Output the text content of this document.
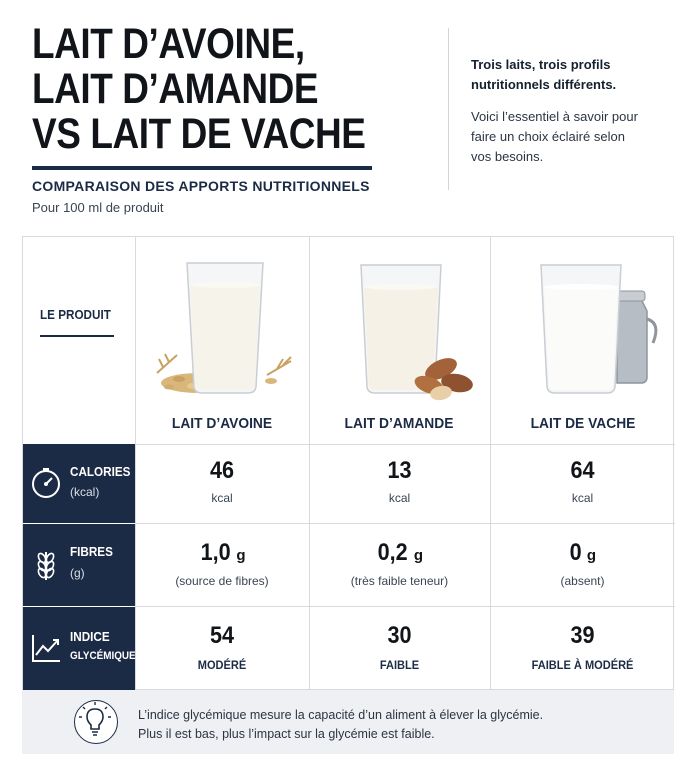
LAIT D’AVOINE,
LAIT D’AMANDE
VS LAIT DE VACHE
COMPARAISON DES APPORTS NUTRITIONNELS
Pour 100 ml de produit
Trois laits, trois profils
nutritionnels différents.
Voici l’essentiel à savoir pour
faire un choix éclairé selon
vos besoins.
LE PRODUIT
LAIT D’AVOINE	LAIT D’AMANDE	LAIT DE VACHE
CALORIES
(kcal)
46
kcal
13
kcal
64
kcal
FIBRES
(g)
1,0 g
(source de fibres)
0,2 g
(très faible teneur)
0 g
(absent)
INDICE
GLYCÉMIQUE
54
MODÉRÉ
30
FAIBLE
39
FAIBLE À MODÉRÉ
L’indice glycémique mesure la capacité d’un aliment à élever la glycémie.
Plus il est bas, plus l’impact sur la glycémie est faible.
